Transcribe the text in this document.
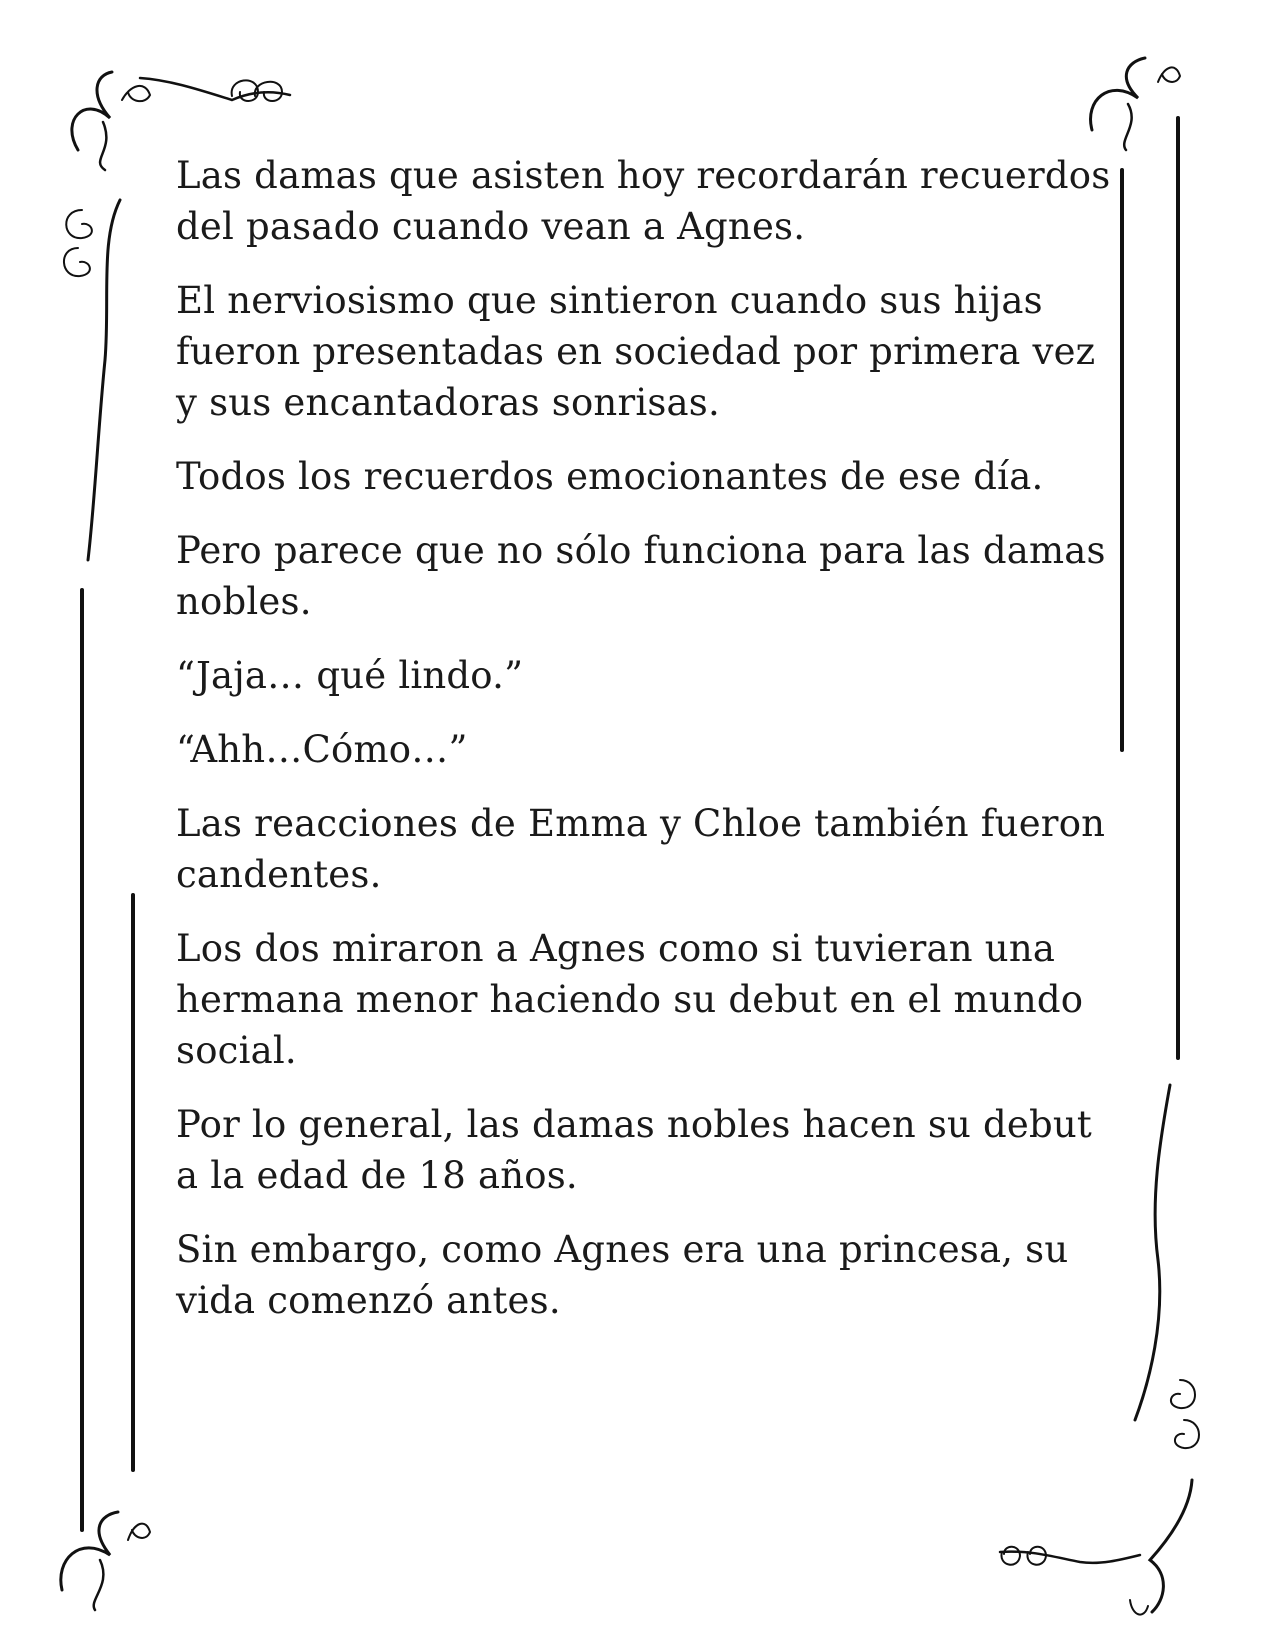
Las damas que asisten hoy recordarán recuerdos del pasado cuando vean a Agnes.

El nerviosismo que sintieron cuando sus hijas fueron presentadas en sociedad por primera vez y sus encantadoras sonrisas.

Todos los recuerdos emocionantes de ese día.

Pero parece que no sólo funciona para las damas nobles.

“Jaja… qué lindo.”

“Ahh…Cómo…”

Las reacciones de Emma y Chloe también fueron candentes.

Los dos miraron a Agnes como si tuvieran una hermana menor haciendo su debut en el mundo social.

Por lo general, las damas nobles hacen su debut a la edad de 18 años.

Sin embargo, como Agnes era una princesa, su vida comenzó antes.
